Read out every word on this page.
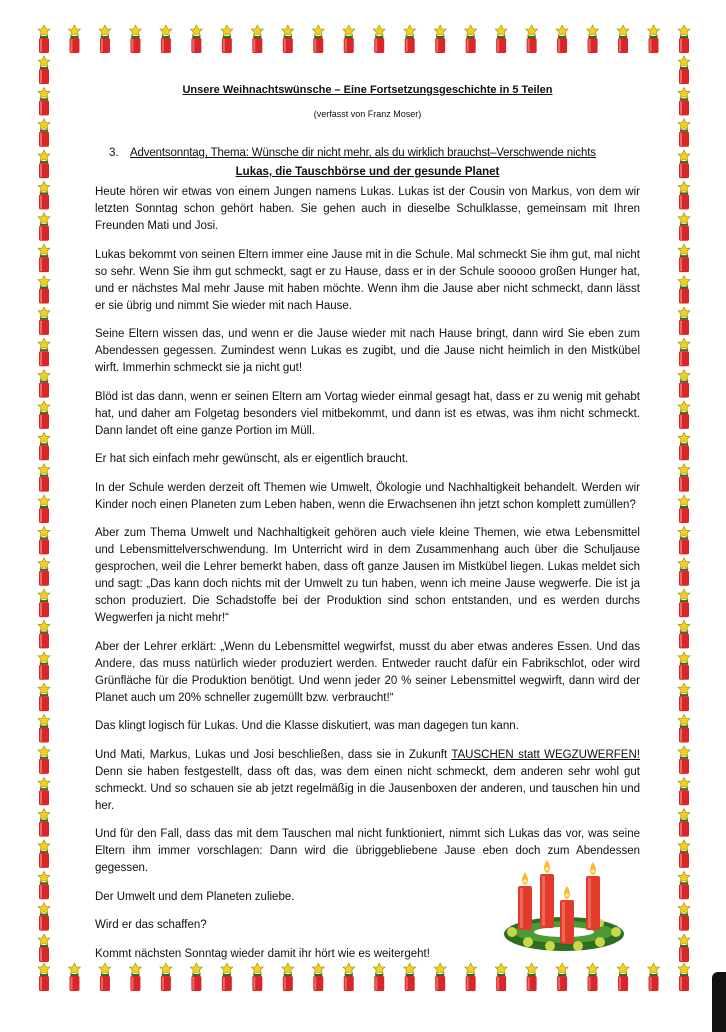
Unsere Weihnachtswünsche – Eine Fortsetzungsgeschichte in 5 Teilen
(verfasst von Franz Moser)
3. Adventsonntag, Thema: Wünsche dir nicht mehr, als du wirklich brauchst–Verschwende nichts
Lukas, die Tauschbörse und der gesunde Planet

Heute hören wir etwas von einem Jungen namens Lukas. Lukas ist der Cousin von Markus, von dem wir letzten Sonntag schon gehört haben. Sie gehen auch in dieselbe Schulklasse, gemeinsam mit Ihren Freunden Mati und Josi.

Lukas bekommt von seinen Eltern immer eine Jause mit in die Schule. Mal schmeckt Sie ihm gut, mal nicht so sehr. Wenn Sie ihm gut schmeckt, sagt er zu Hause, dass er in der Schule sooooo großen Hunger hat, und er nächstes Mal mehr Jause mit haben möchte. Wenn ihm die Jause aber nicht schmeckt, dann lässt er sie übrig und nimmt Sie wieder mit nach Hause.

Seine Eltern wissen das, und wenn er die Jause wieder mit nach Hause bringt, dann wird Sie eben zum Abendessen gegessen. Zumindest wenn Lukas es zugibt, und die Jause nicht heimlich in den Mistkübel wirft. Immerhin schmeckt sie ja nicht gut!

Blöd ist das dann, wenn er seinen Eltern am Vortag wieder einmal gesagt hat, dass er zu wenig mit gehabt hat, und daher am Folgetag besonders viel mitbekommt, und dann ist es etwas, was ihm nicht schmeckt. Dann landet oft eine ganze Portion im Müll.

Er hat sich einfach mehr gewünscht, als er eigentlich braucht.

In der Schule werden derzeit oft Themen wie Umwelt, Ökologie und Nachhaltigkeit behandelt. Werden wir Kinder noch einen Planeten zum Leben haben, wenn die Erwachsenen ihn jetzt schon komplett zumüllen?

Aber zum Thema Umwelt und Nachhaltigkeit gehören auch viele kleine Themen, wie etwa Lebensmittel und Lebensmittelverschwendung. Im Unterricht wird in dem Zusammenhang auch über die Schuljause gesprochen, weil die Lehrer bemerkt haben, dass oft ganze Jausen im Mistkübel liegen. Lukas meldet sich und sagt: „Das kann doch nichts mit der Umwelt zu tun haben, wenn ich meine Jause wegwerfe. Die ist ja schon produziert. Die Schadstoffe bei der Produktion sind schon entstanden, und es werden durchs Wegwerfen ja nicht mehr!“

Aber der Lehrer erklärt: „Wenn du Lebensmittel wegwirfst, musst du aber etwas anderes Essen. Und das Andere, das muss natürlich wieder produziert werden. Entweder raucht dafür ein Fabrikschlot, oder wird Grünfläche für die Produktion benötigt. Und wenn jeder 20 % seiner Lebensmittel wegwirft, dann wird der Planet auch um 20% schneller zugemüllt bzw. verbraucht!“

Das klingt logisch für Lukas. Und die Klasse diskutiert, was man dagegen tun kann.

Und Mati, Markus, Lukas und Josi beschließen, dass sie in Zukunft TAUSCHEN statt WEGZUWERFEN! Denn sie haben festgestellt, dass oft das, was dem einen nicht schmeckt, dem anderen sehr wohl gut schmeckt. Und so schauen sie ab jetzt regelmäßig in die Jausenboxen der anderen, und tauschen hin und her.

Und für den Fall, dass das mit dem Tauschen mal nicht funktioniert, nimmt sich Lukas das vor, was seine Eltern ihm immer vorschlagen: Dann wird die übriggebliebene Jause eben doch zum Abendessen gegessen.

Der Umwelt und dem Planeten zuliebe.

Wird er das schaffen?

Kommt nächsten Sonntag wieder damit ihr hört wie es weitergeht!
